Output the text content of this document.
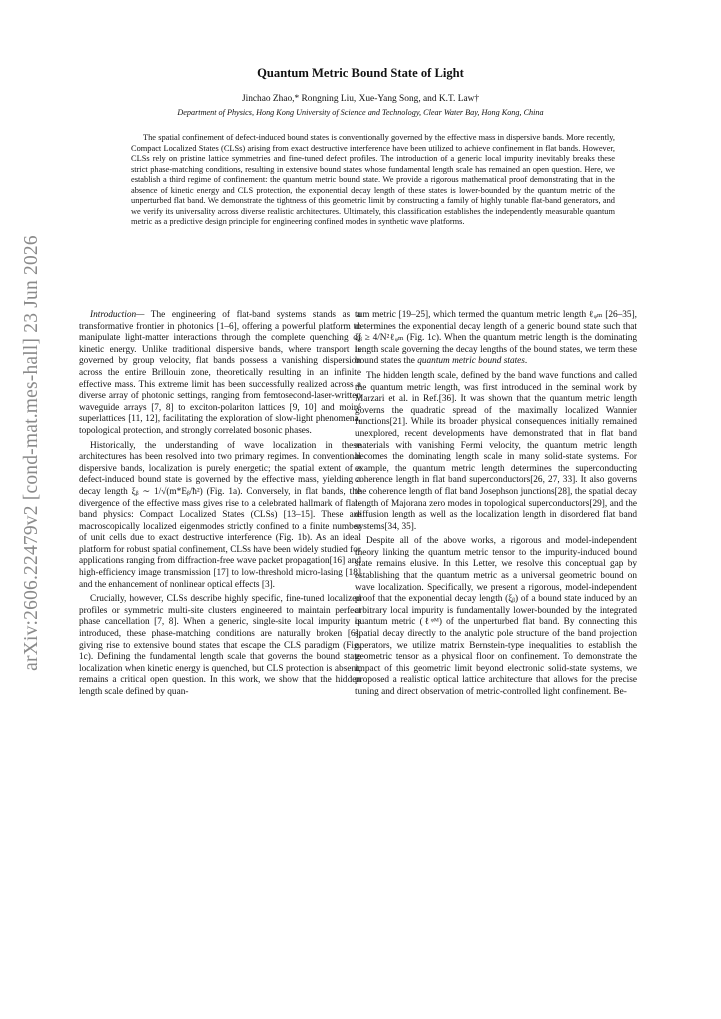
arXiv:2606.22479v2 [cond-mat.mes-hall] 23 Jun 2026
Quantum Metric Bound State of Light

Jinchao Zhao,* Rongning Liu, Xue-Yang Song, and K.T. Law†

Department of Physics, Hong Kong University of Science and Technology, Clear Water Bay, Hong Kong, China

The spatial confinement of defect-induced bound states is conventionally governed by the effective mass in dispersive bands. More recently, Compact Localized States (CLSs) arising from exact destructive interference have been utilized to achieve confinement in flat bands. However, CLSs rely on pristine lattice symmetries and fine-tuned defect profiles. The introduction of a generic local impurity inevitably breaks these strict phase-matching conditions, resulting in extensive bound states whose fundamental length scale has remained an open question. Here, we establish a third regime of confinement: the quantum metric bound state. We provide a rigorous mathematical proof demonstrating that in the absence of kinetic energy and CLS protection, the exponential decay length of these states is lower-bounded by the quantum metric of the unperturbed flat band. We demonstrate the tightness of this geometric limit by constructing a family of highly tunable flat-band generators, and we verify its universality across diverse realistic architectures. Ultimately, this classification establishes the independently measurable quantum metric as a predictive design principle for engineering confined modes in synthetic wave platforms.

Introduction— The engineering of flat-band systems stands as a transformative frontier in photonics [1–6], offering a powerful platform to manipulate light-matter interactions through the complete quenching of kinetic energy. Unlike traditional dispersive bands, where transport is governed by group velocity, flat bands possess a vanishing dispersion across the entire Brillouin zone, theoretically resulting in an infinite effective mass. This extreme limit has been successfully realized across a diverse array of photonic settings, ranging from femtosecond-laser-written waveguide arrays [7, 8] to exciton-polariton lattices [9, 10] and moiré superlattices [11, 12], facilitating the exploration of slow-light phenomena, topological protection, and strongly correlated bosonic phases.

Historically, the understanding of wave localization in these architectures has been resolved into two primary regimes. In conventional dispersive bands, localization is purely energetic; the spatial extent of a defect-induced bound state is governed by the effective mass, yielding a decay length ξᵦ ∼ 1/√(m*Eᵦ/ħ²) (Fig. 1a). Conversely, in flat bands, the divergence of the effective mass gives rise to a celebrated hallmark of flat-band physics: Compact Localized States (CLSs) [13–15]. These are macroscopically localized eigenmodes strictly confined to a finite number of unit cells due to exact destructive interference (Fig. 1b). As an ideal platform for robust spatial confinement, CLSs have been widely studied for applications ranging from diffraction-free wave packet propagation[16] and high-efficiency image transmission [17] to low-threshold micro-lasing [18] and the enhancement of nonlinear optical effects [3].

Crucially, however, CLSs describe highly specific, fine-tuned localized profiles or symmetric multi-site clusters engineered to maintain perfect phase cancellation [7, 8]. When a generic, single-site local impurity is introduced, these phase-matching conditions are naturally broken [6], giving rise to extensive bound states that escape the CLS paradigm (Fig. 1c). Defining the fundamental length scale that governs the bound state localization when kinetic energy is quenched, but CLS protection is absent, remains a critical open question. In this work, we show that the hidden length scale defined by quan-

tum metric [19–25], which termed the quantum metric length ℓᵩₘ [26–35], determines the exponential decay length of a generic bound state such that ξᵦ ≥ 4/N²ℓᵩₘ (Fig. 1c). When the quantum metric length is the dominating length scale governing the decay lengths of the bound states, we term these bound states the quantum metric bound states.

The hidden length scale, defined by the band wave functions and called the quantum metric length, was first introduced in the seminal work by Marzari et al. in Ref.[36]. It was shown that the quantum metric length governs the quadratic spread of the maximally localized Wannier functions[21]. While its broader physical consequences initially remained unexplored, recent developments have demonstrated that in flat band materials with vanishing Fermi velocity, the quantum metric length becomes the dominating length scale in many solid-state systems. For example, the quantum metric length determines the superconducting coherence length in flat band superconductors[26, 27, 33]. It also governs the coherence length of flat band Josephson junctions[28], the spatial decay length of Majorana zero modes in topological superconductors[29], and the diffusion length as well as the localization length in disordered flat band systems[34, 35].

Despite all of the above works, a rigorous and model-independent theory linking the quantum metric tensor to the impurity-induced bound state remains elusive. In this Letter, we resolve this conceptual gap by establishing that the quantum metric as a universal geometric bound on wave localization. Specifically, we present a rigorous, model-independent proof that the exponential decay length (ξᵦ) of a bound state induced by an arbitrary local impurity is fundamentally lower-bounded by the integrated quantum metric (ℓᵠᴹ) of the unperturbed flat band. By connecting this spatial decay directly to the analytic pole structure of the band projection operators, we utilize matrix Bernstein-type inequalities to establish the geometric tensor as a physical floor on confinement. To demonstrate the impact of this geometric limit beyond electronic solid-state systems, we proposed a realistic optical lattice architecture that allows for the precise tuning and direct observation of metric-controlled light confinement. Be-
